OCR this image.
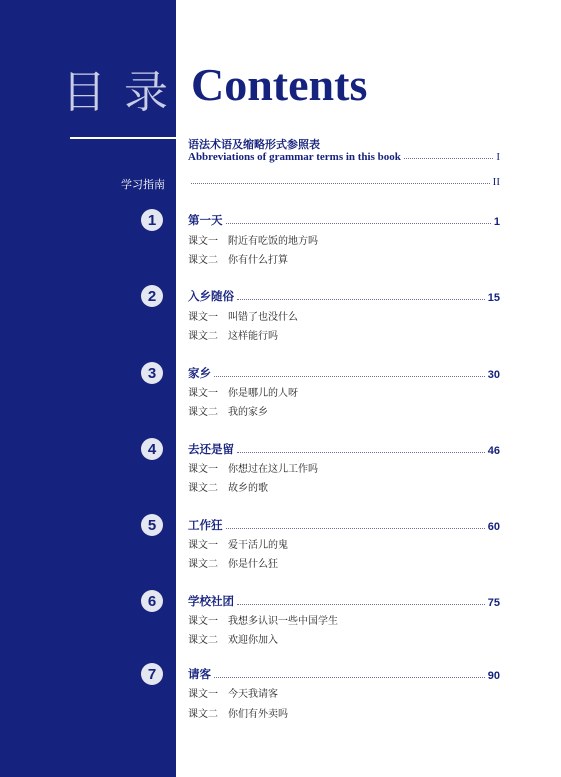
目录 Contents
语法术语及缩略形式参照表
Abbreviations of grammar terms in this book	I
学习指南	II
1	第一天	1
课文一 附近有吃饭的地方吗
课文二 你有什么打算
2	入乡随俗	15
课文一 叫错了也没什么
课文二 这样能行吗
3	家乡	30
课文一 你是哪儿的人呀
课文二 我的家乡
4	去还是留	46
课文一 你想过在这儿工作吗
课文二 故乡的歌
5	工作狂	60
课文一 爱干活儿的鬼
课文二 你是什么狂
6	学校社团	75
课文一 我想多认识一些中国学生
课文二 欢迎你加入
7	请客	90
课文一 今天我请客
课文二 你们有外卖吗
